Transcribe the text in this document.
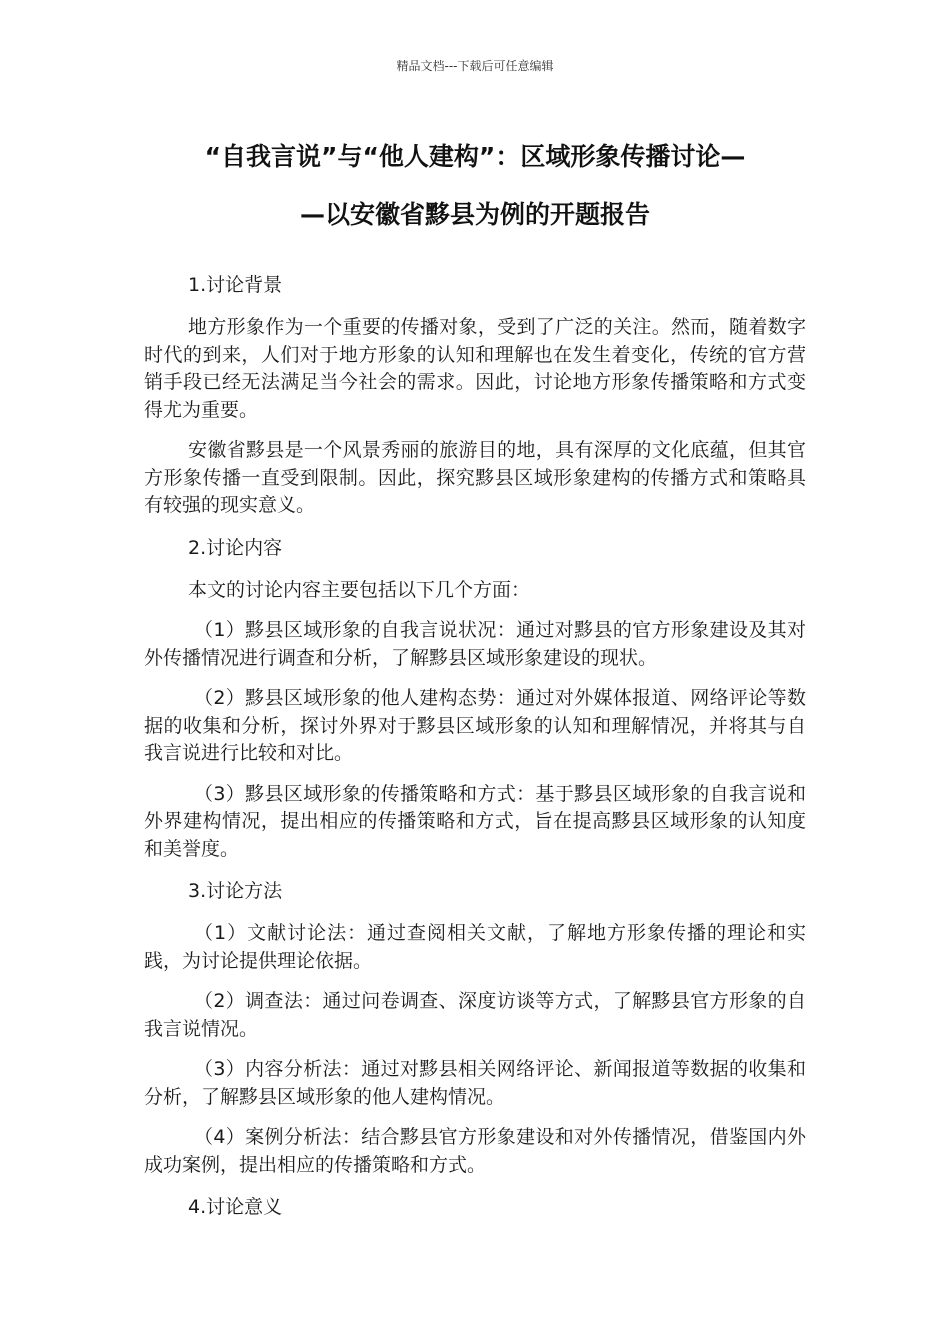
精品文档---下载后可任意编辑
“自我言说”与“他人建构”：区域形象传播讨论—
—以安徽省黟县为例的开题报告
1.讨论背景

地方形象作为一个重要的传播对象，受到了广泛的关注。然而，随着数字时代的到来，人们对于地方形象的认知和理解也在发生着变化，传统的官方营销手段已经无法满足当今社会的需求。因此，讨论地方形象传播策略和方式变得尤为重要。

安徽省黟县是一个风景秀丽的旅游目的地，具有深厚的文化底蕴，但其官方形象传播一直受到限制。因此，探究黟县区域形象建构的传播方式和策略具有较强的现实意义。

2.讨论内容

本文的讨论内容主要包括以下几个方面：

（1）黟县区域形象的自我言说状况：通过对黟县的官方形象建设及其对外传播情况进行调查和分析，了解黟县区域形象建设的现状。

（2）黟县区域形象的他人建构态势：通过对外媒体报道、网络评论等数据的收集和分析，探讨外界对于黟县区域形象的认知和理解情况，并将其与自我言说进行比较和对比。

（3）黟县区域形象的传播策略和方式：基于黟县区域形象的自我言说和外界建构情况，提出相应的传播策略和方式，旨在提高黟县区域形象的认知度和美誉度。

3.讨论方法

（1）文献讨论法：通过查阅相关文献，了解地方形象传播的理论和实践，为讨论提供理论依据。

（2）调查法：通过问卷调查、深度访谈等方式，了解黟县官方形象的自我言说情况。

（3）内容分析法：通过对黟县相关网络评论、新闻报道等数据的收集和分析，了解黟县区域形象的他人建构情况。

（4）案例分析法：结合黟县官方形象建设和对外传播情况，借鉴国内外成功案例，提出相应的传播策略和方式。

4.讨论意义
